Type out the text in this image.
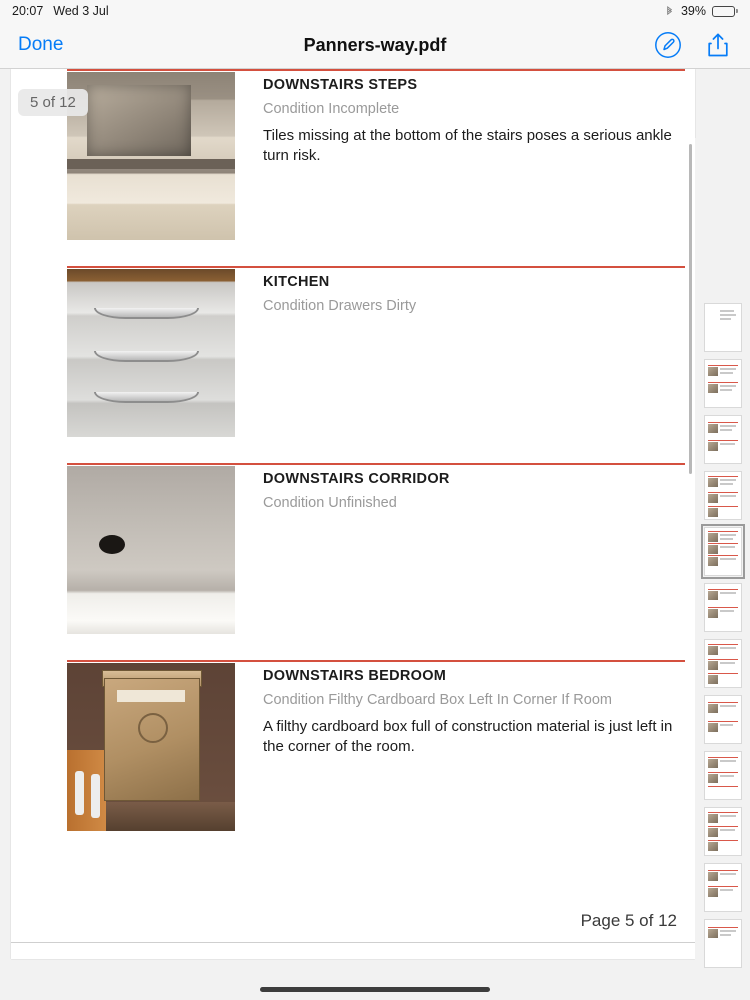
20:07 Wed 3 Jul	39%
Done	Panners-way.pdf
5 of 12
DOWNSTAIRS STEPS
Condition Incomplete
Tiles missing at the bottom of the stairs poses a serious ankle turn risk.
KITCHEN
Condition Drawers Dirty
DOWNSTAIRS CORRIDOR
Condition Unfinished
DOWNSTAIRS BEDROOM
Condition Filthy Cardboard Box Left In Corner If Room
A filthy cardboard box full of construction material is just left in the corner of the room.
Page 5 of 12
